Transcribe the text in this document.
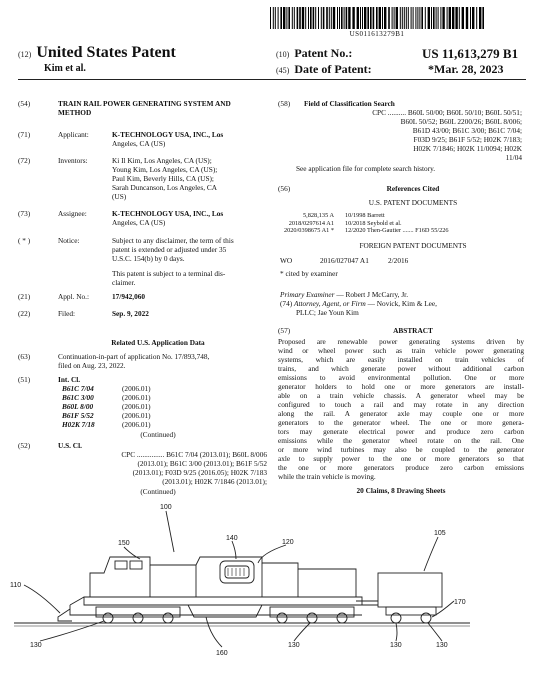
US011613279B1
(12) United States Patent
Kim et al.
(10) Patent No.:	US 11,613,279 B1
(45) Date of Patent:	*Mar. 28, 2023
(54)	TRAIN RAIL POWER GENERATING SYSTEM AND METHOD
(71)	Applicant:	K-TECHNOLOGY USA, INC., Los
Angeles, CA (US)
(72)	Inventors:	Ki Il Kim, Los Angeles, CA (US);
Young Kim, Los Angeles, CA (US);
Paul Kim, Beverly Hills, CA (US);
Sarah Duncanson, Los Angeles, CA
(US)
(73)	Assignee:	K-TECHNOLOGY USA, INC., Los
Angeles, CA (US)
( * )	Notice:	Subject to any disclaimer, the term of this
patent is extended or adjusted under 35
U.S.C. 154(b) by 0 days.
This patent is subject to a terminal dis-
claimer.
(21)	Appl. No.:	17/942,060
(22)	Filed:	Sep. 9, 2022
Related U.S. Application Data
(63)	Continuation-in-part of application No. 17/893,748,
filed on Aug. 23, 2022.
(51)	Int. Cl.
B61C 7/04	(2006.01)
B61C 3/00	(2006.01)
B60L 8/00	(2006.01)
B61F 5/52	(2006.01)
H02K 7/18	(2006.01)
(Continued)
(52)	U.S. Cl.
CPC ............... B61C 7/04 (2013.01); B60L 8/006
(2013.01); B61C 3/00 (2013.01); B61F 5/52
(2013.01); F03D 9/25 (2016.05); H02K 7/183
(2013.01); H02K 7/1846 (2013.01);
(Continued)
(58)	Field of Classification Search
CPC .......... B60L 50/00; B60L 50/10; B60L 50/51;
B60L 50/52; B60L 2200/26; B60L 8/006;
B61D 43/00; B61C 3/00; B61C 7/04;
F03D 9/25; B61F 5/52; H02K 7/183;
H02K 7/1846; H02K 11/0094; H02K
11/04
See application file for complete search history.
(56)	References Cited
U.S. PATENT DOCUMENTS
5,828,135 A 10/1998 Barrett
2018/0297614 A1 10/2018 Seybold et al.
2020/0398675 A1 * 12/2020 Then-Gautier ....... F16D 55/226
FOREIGN PATENT DOCUMENTS
WO	2016/027047 A1	2/2016
* cited by examiner
Primary Examiner — Robert J McCarry, Jr.
(74) Attorney, Agent, or Firm — Novick, Kim & Lee,
PLLC; Jae Youn Kim
(57)	ABSTRACT
Proposed are renewable power generating systems driven by
wind or wheel power such as train vehicle power generating
systems, which are easily installed on train vehicles of
trains, and which generate power without additional carbon
emissions to avoid environmental pollution. One or more
generator holders to hold one or more generators are install-
able on a train vehicle chassis. A generator wheel may be
configured to touch a rail and may rotate in any direction
along the rail. A generator axle may couple one or more
generators to the generator wheel. The one or more genera-
tors may generate electrical power and produce zero carbon
emissions while the generator wheel rotate on the rail. One
or more wind turbines may also be coupled to the generator
axle to supply power to the one or more generators so that
the one or more generators produce zero carbon emissions
while the train vehicle is moving.
20 Claims, 8 Drawing Sheets
100
150
140
120
105
110
170
130
160
130	130	130
